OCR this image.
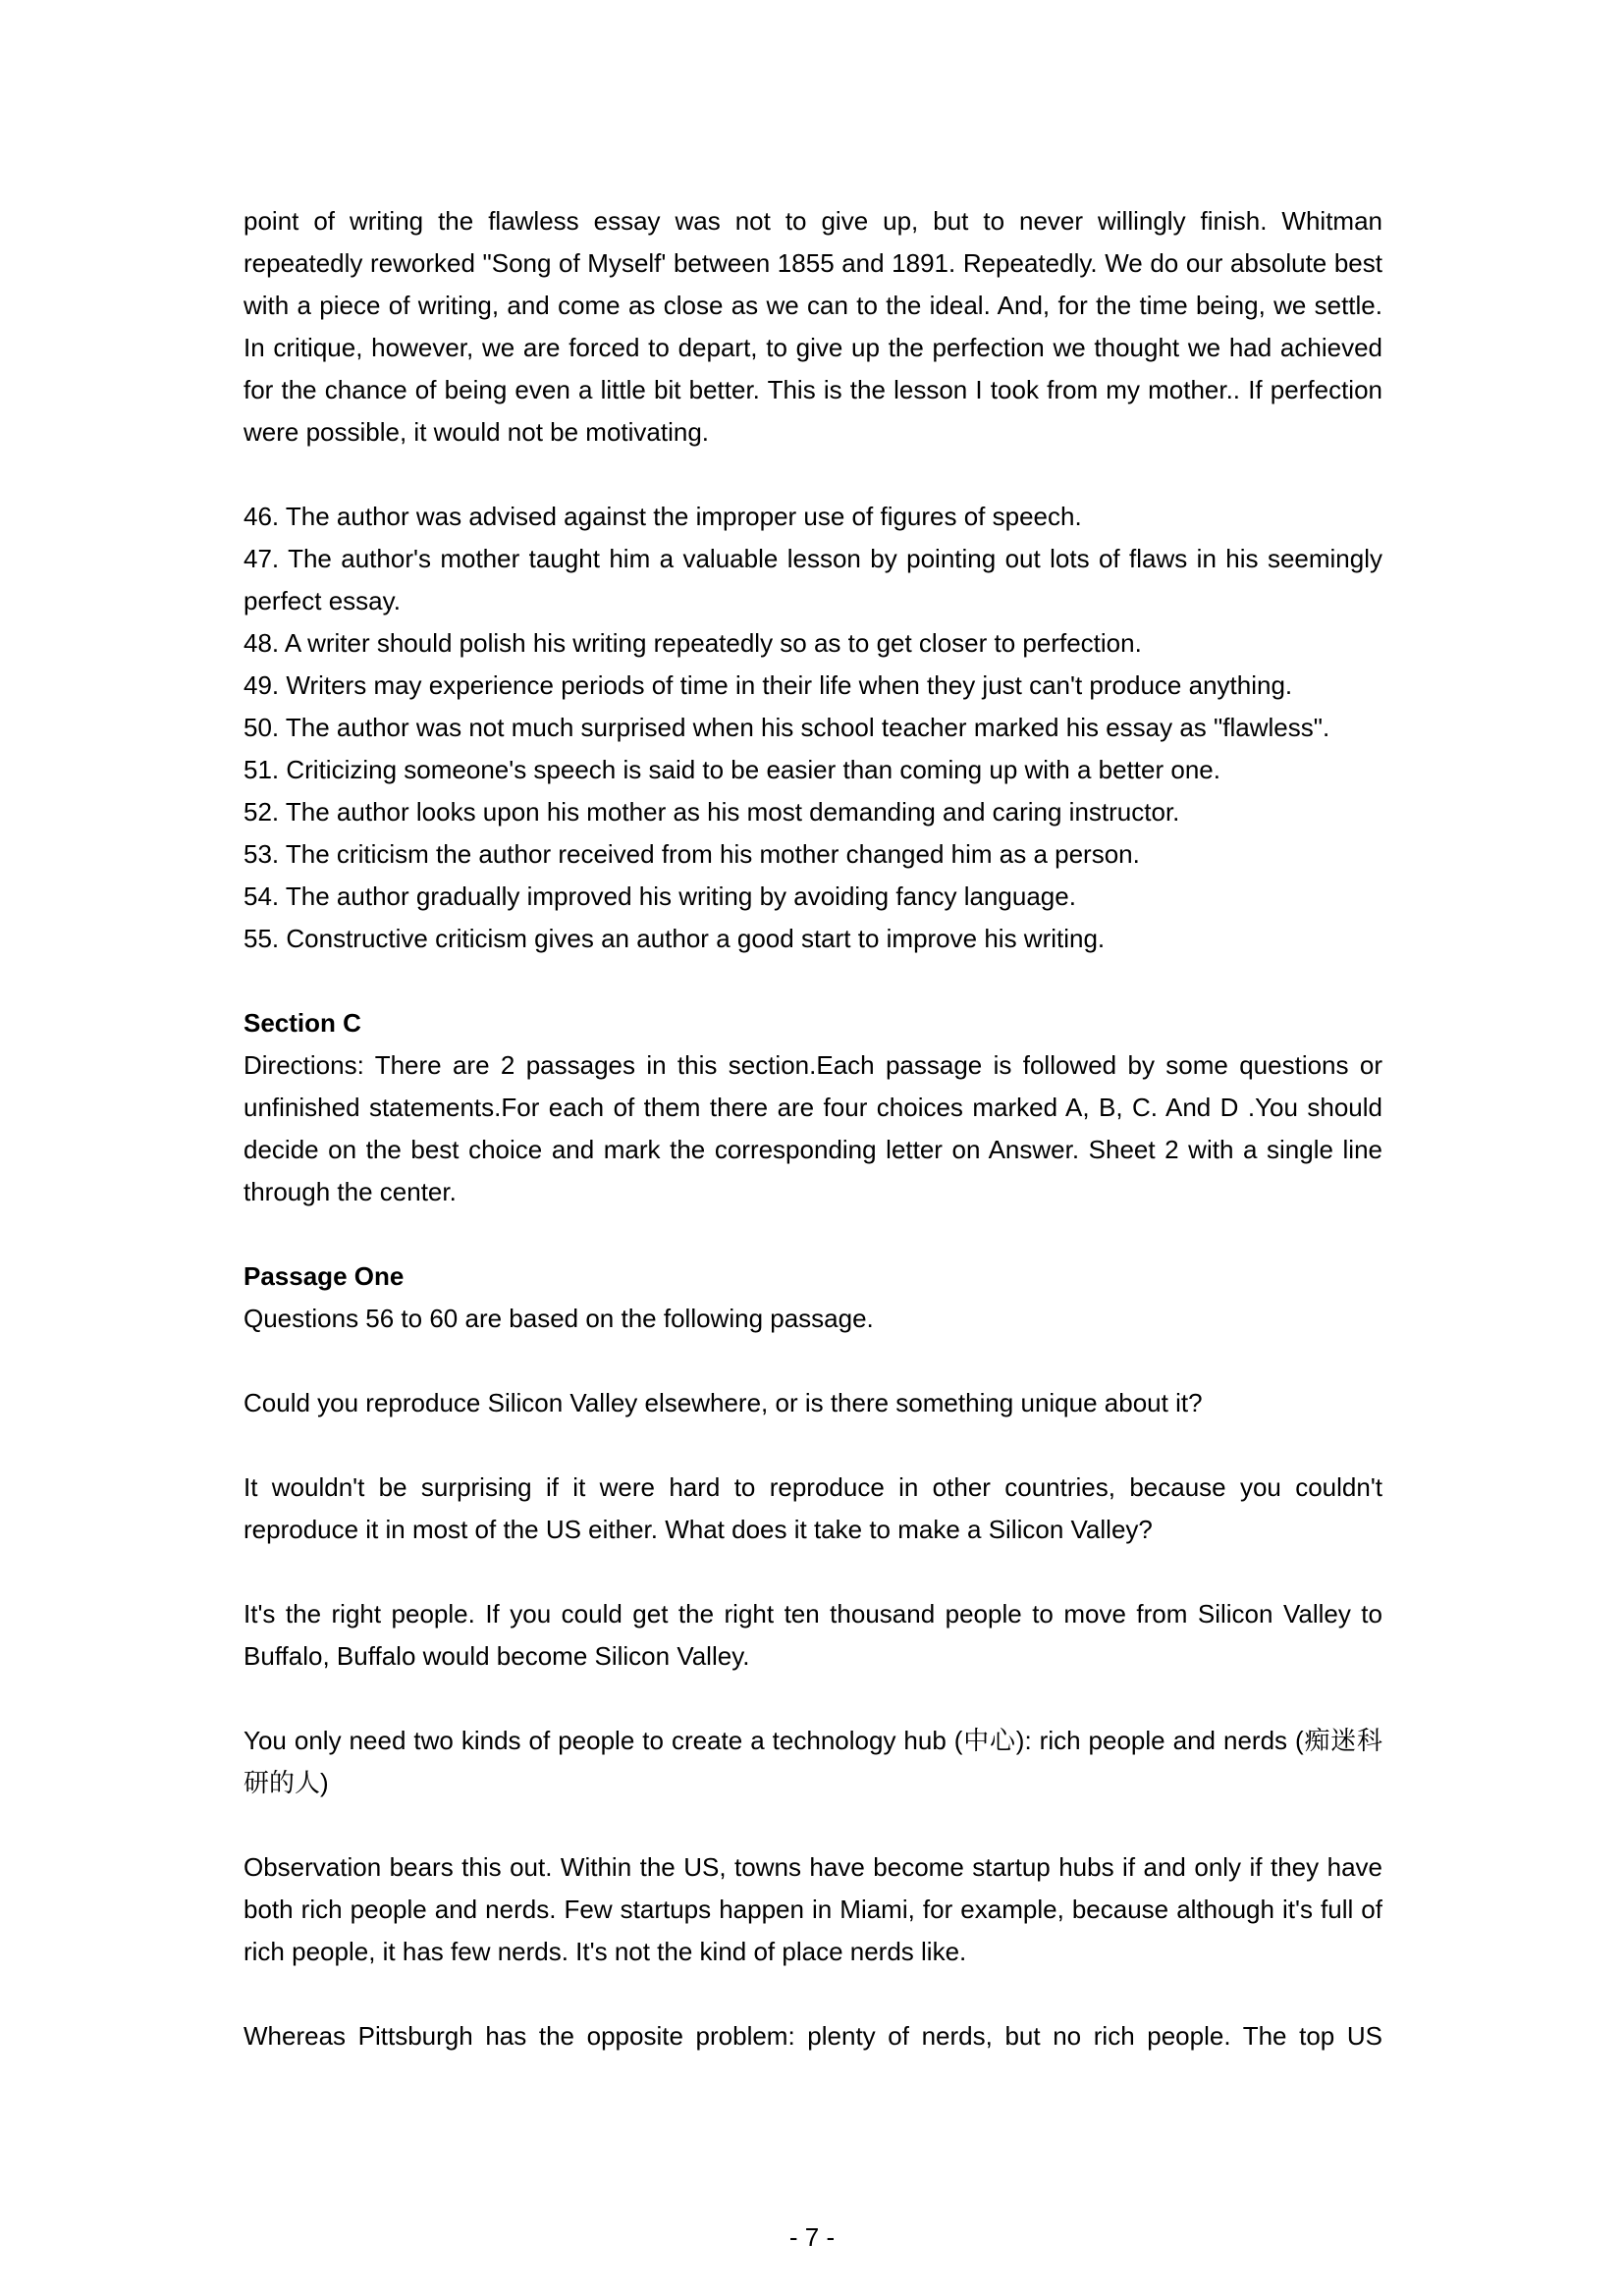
point of writing the flawless essay was not to give up, but to never willingly finish. Whitman repeatedly reworked "Song of Myself' between 1855 and 1891. Repeatedly. We do our absolute best with a piece of writing, and come as close as we can to the ideal. And, for the time being, we settle. In critique, however, we are forced to depart, to give up the perfection we thought we had achieved for the chance of being even a little bit better. This is the lesson I took from my mother.. If perfection were possible, it would not be motivating.

46. The author was advised against the improper use of figures of speech.

47. The author's mother taught him a valuable lesson by pointing out lots of flaws in his seemingly perfect essay.

48. A writer should polish his writing repeatedly so as to get closer to perfection.

49. Writers may experience periods of time in their life when they just can't produce anything.

50. The author was not much surprised when his school teacher marked his essay as "flawless".

51. Criticizing someone's speech is said to be easier than coming up with a better one.

52. The author looks upon his mother as his most demanding and caring instructor.

53. The criticism the author received from his mother changed him as a person.

54. The author gradually improved his writing by avoiding fancy language.

55. Constructive criticism gives an author a good start to improve his writing.

Section C

Directions: There are 2 passages in this section.Each passage is followed by some questions or unfinished statements.For each of them there are four choices marked A, B, C. And D .You should decide on the best choice and mark the corresponding letter on Answer. Sheet 2 with a single line through the center.

Passage One

Questions 56 to 60 are based on the following passage.

Could you reproduce Silicon Valley elsewhere, or is there something unique about it?

It wouldn't be surprising if it were hard to reproduce in other countries, because you couldn't reproduce it in most of the US either. What does it take to make a Silicon Valley?

It's the right people. If you could get the right ten thousand people to move from Silicon Valley to Buffalo, Buffalo would become Silicon Valley.

You only need two kinds of people to create a technology hub (中心): rich people and nerds (痴迷科研的人)

Observation bears this out. Within the US, towns have become startup hubs if and only if they have both rich people and nerds. Few startups happen in Miami, for example, because although it's full of rich people, it has few nerds. It's not the kind of place nerds like.

Whereas Pittsburgh has the opposite problem: plenty of nerds, but no rich people. The top US

- 7 -
